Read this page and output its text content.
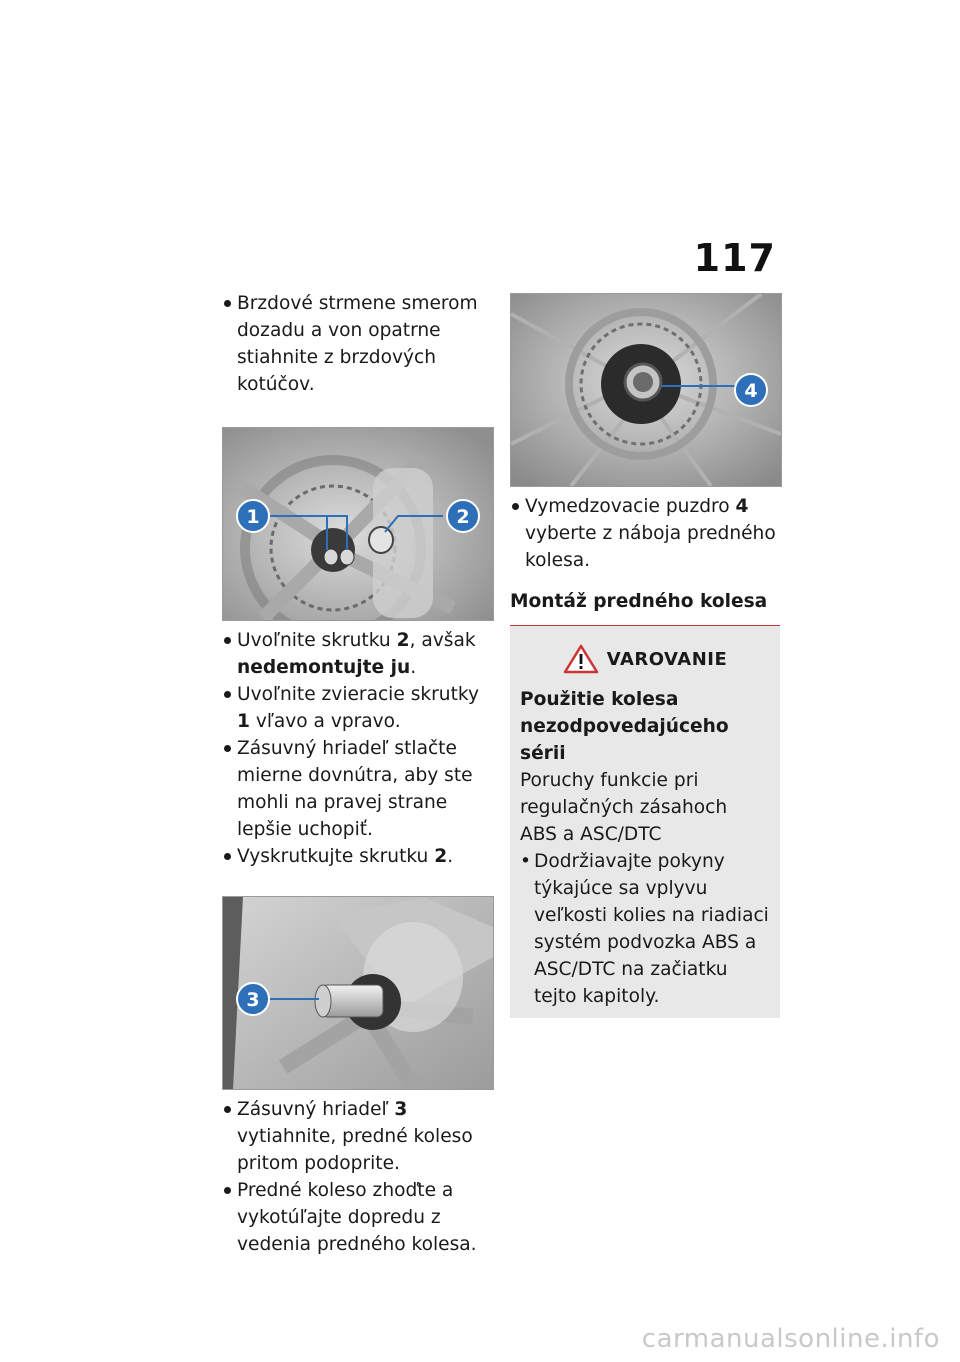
117
Brzdové strmene smerom dozadu a von opatrne stiahnite z brzdových kotúčov.
1	2
Uvoľnite skrutku 2, avšak nedemontujte ju.
Uvoľnite zvieracie skrutky 1 vľavo a vpravo.
Zásuvný hriadeľ stlačte mierne dovnútra, aby ste mohli na pravej strane lepšie uchopiť.
Vyskrutkujte skrutku 2.
3
Zásuvný hriadeľ 3 vytiahnite, predné koleso pritom podoprite.
Predné koleso zhoďte a vykotúľajte dopredu z vedenia predného kolesa.
4
Vymedzovacie puzdro 4 vyberte z náboja predného kolesa.

Montáž predného kolesa

VAROVANIE

Použitie kolesa nezodpovedajúceho sérii

Poruchy funkcie pri regulačných zásahoch ABS a ASC/DTC

• Dodržiavajte pokyny týkajúce sa vplyvu veľkosti kolies na riadiaci systém podvozka ABS a ASC/DTC na začiatku tejto kapitoly.
carmanualsonline.info
